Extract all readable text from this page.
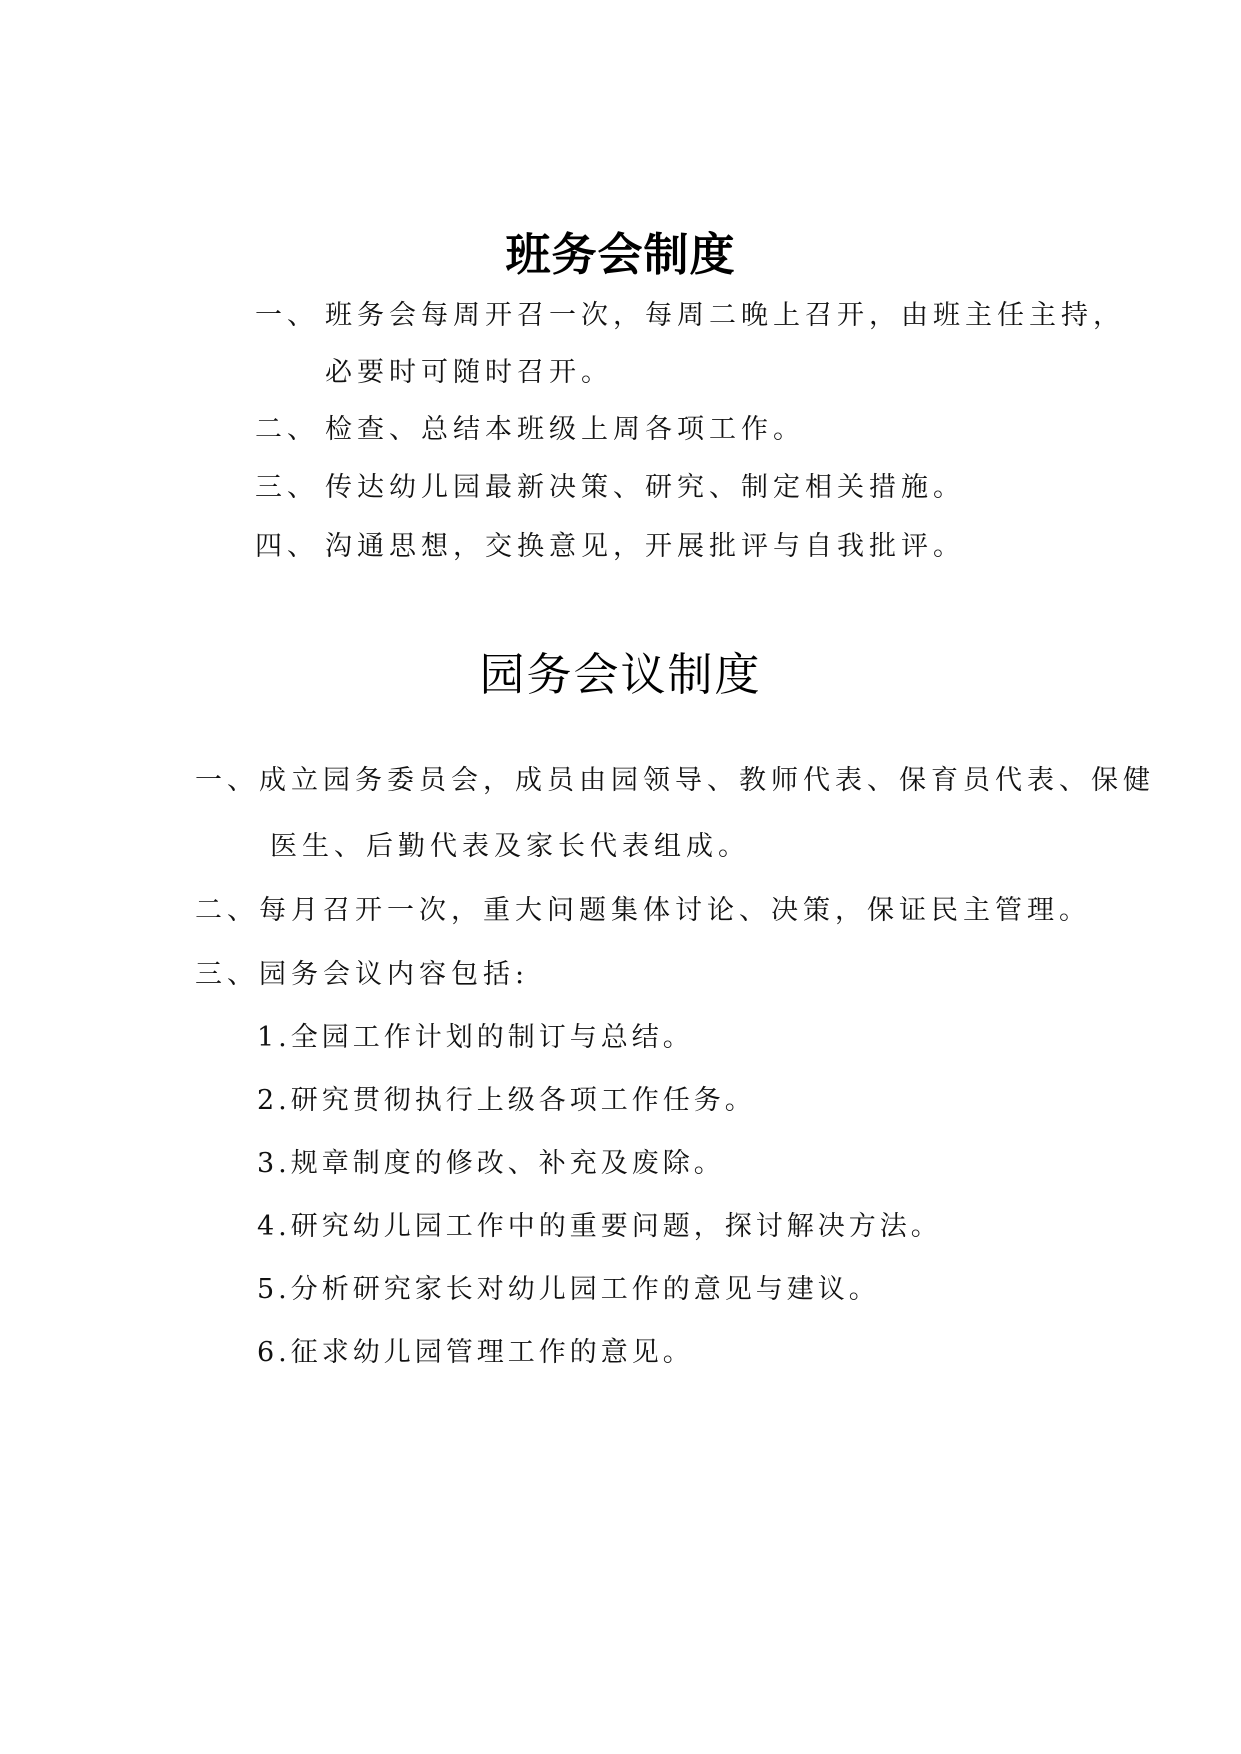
班务会制度
一、 班务会每周开召一次，每周二晚上召开，由班主任主持，
必要时可随时召开。
二、 检查、总结本班级上周各项工作。
三、 传达幼儿园最新决策、研究、制定相关措施。
四、 沟通思想，交换意见，开展批评与自我批评。
园务会议制度
一、成立园务委员会，成员由园领导、教师代表、保育员代表、保健
医生、后勤代表及家长代表组成。
二、每月召开一次，重大问题集体讨论、决策，保证民主管理。
三、园务会议内容包括:
1.全园工作计划的制订与总结。
2.研究贯彻执行上级各项工作任务。
3.规章制度的修改、补充及废除。
4.研究幼儿园工作中的重要问题，探讨解决方法。
5.分析研究家长对幼儿园工作的意见与建议。
6.征求幼儿园管理工作的意见。
